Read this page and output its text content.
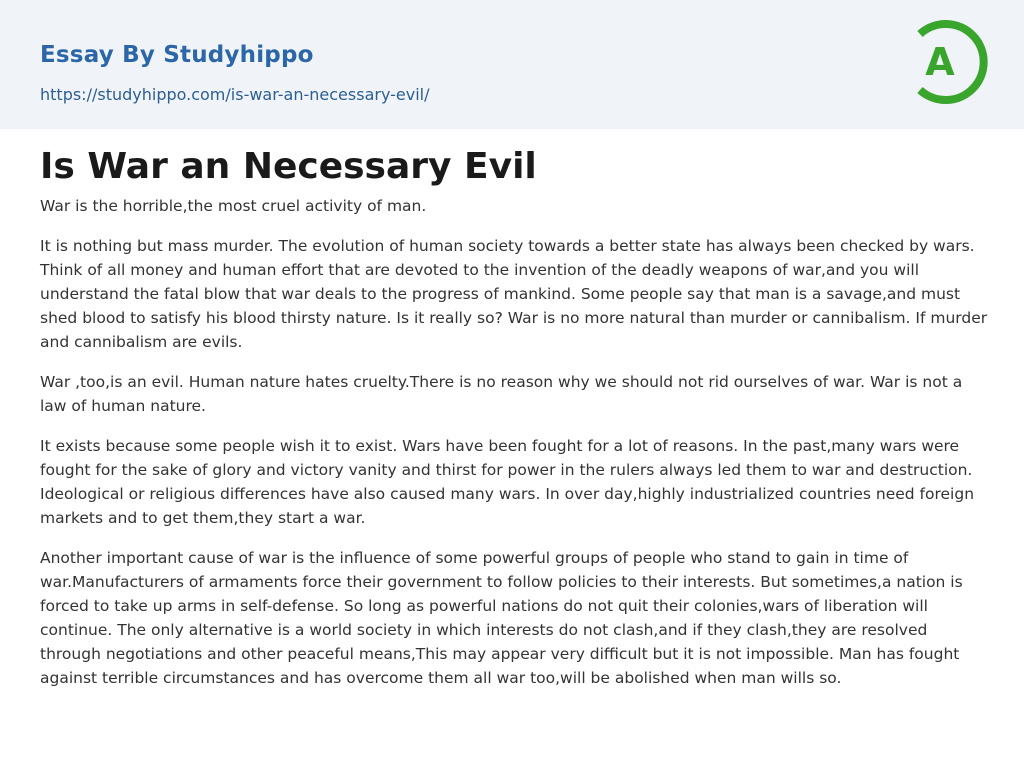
Essay By Studyhippo
https://studyhippo.com/is-war-an-necessary-evil/
A
Is War an Necessary Evil

War is the horrible,the most cruel activity of man.

It is nothing but mass murder. The evolution of human society towards a better state has always been checked by wars. Think of all money and human effort that are devoted to the invention of the deadly weapons of war,and you will understand the fatal blow that war deals to the progress of mankind. Some people say that man is a savage,and must shed blood to satisfy his blood thirsty nature. Is it really so? War is no more natural than murder or cannibalism. If murder and cannibalism are evils.

War ,too,is an evil. Human nature hates cruelty.There is no reason why we should not rid ourselves of war. War is not a law of human nature.

It exists because some people wish it to exist. Wars have been fought for a lot of reasons. In the past,many wars were fought for the sake of glory and victory vanity and thirst for power in the rulers always led them to war and destruction. Ideological or religious differences have also caused many wars. In over day,highly industrialized countries need foreign markets and to get them,they start a war.

Another important cause of war is the influence of some powerful groups of people who stand to gain in time of war.Manufacturers of armaments force their government to follow policies to their interests. But sometimes,a nation is forced to take up arms in self-defense. So long as powerful nations do not quit their colonies,wars of liberation will continue. The only alternative is a world society in which interests do not clash,and if they clash,they are resolved through negotiations and other peaceful means,This may appear very difficult but it is not impossible. Man has fought against terrible circumstances and has overcome them all war too,will be abolished when man wills so.
